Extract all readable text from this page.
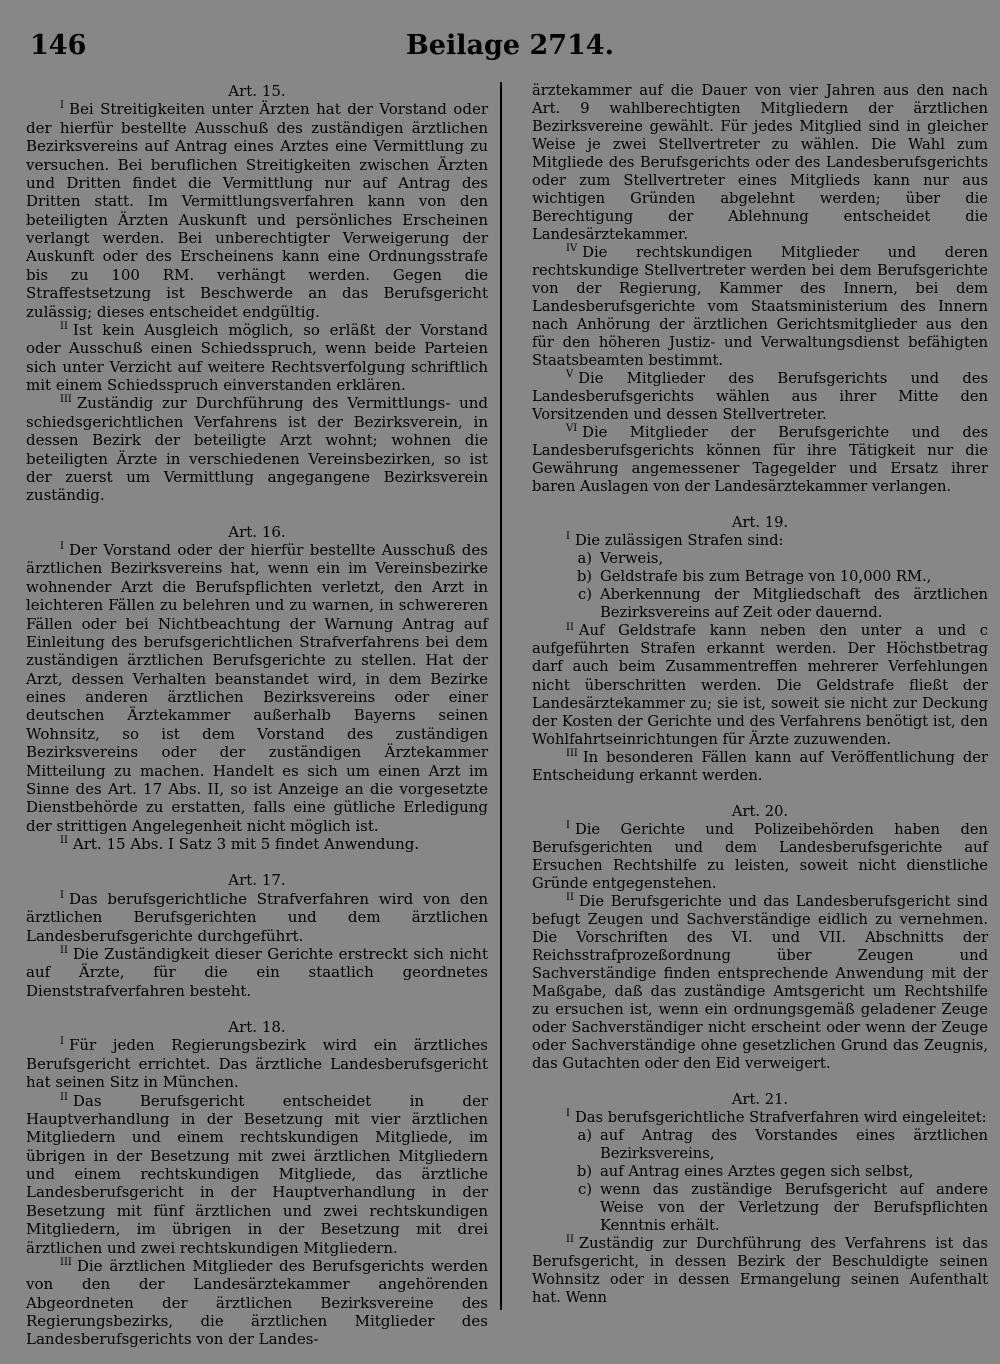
146	Beilage 2714.
Art. 15.

$^I$ Bei Streitigkeiten unter Ärzten hat der Vorstand oder der hierfür bestellte Ausschuß des zuständigen ärztlichen Bezirksvereins auf Antrag eines Arztes eine Vermittlung zu versuchen. Bei beruflichen Streitigkeiten zwischen Ärzten und Dritten findet die Vermittlung nur auf Antrag des Dritten statt. Im Vermittlungsverfahren kann von den beteiligten Ärzten Auskunft und persönliches Erscheinen verlangt werden. Bei unberechtigter Verweigerung der Auskunft oder des Erscheinens kann eine Ordnungsstrafe bis zu 100 RM. verhängt werden. Gegen die Straffestsetzung ist Beschwerde an das Berufsgericht zulässig; dieses entscheidet endgültig.

$^{II}$ Ist kein Ausgleich möglich, so erläßt der Vorstand oder Ausschuß einen Schiedsspruch, wenn beide Parteien sich unter Verzicht auf weitere Rechtsverfolgung schriftlich mit einem Schiedsspruch einverstanden erklären.

$^{III}$ Zuständig zur Durchführung des Vermittlungs- und schiedsgerichtlichen Verfahrens ist der Bezirksverein, in dessen Bezirk der beteiligte Arzt wohnt; wohnen die beteiligten Ärzte in verschiedenen Vereinsbezirken, so ist der zuerst um Vermittlung angegangene Bezirksverein zuständig.

Art. 16.

$^I$ Der Vorstand oder der hierfür bestellte Ausschuß des ärztlichen Bezirksvereins hat, wenn ein im Vereinsbezirke wohnender Arzt die Berufspflichten verletzt, den Arzt in leichteren Fällen zu belehren und zu warnen, in schwereren Fällen oder bei Nichtbeachtung der Warnung Antrag auf Einleitung des berufsgerichtlichen Strafverfahrens bei dem zuständigen ärztlichen Berufsgerichte zu stellen. Hat der Arzt, dessen Verhalten beanstandet wird, in dem Bezirke eines anderen ärztlichen Bezirksvereins oder einer deutschen Ärztekammer außerhalb Bayerns seinen Wohnsitz, so ist dem Vorstand des zuständigen Bezirksvereins oder der zuständigen Ärztekammer Mitteilung zu machen. Handelt es sich um einen Arzt im Sinne des Art. 17 Abs. II, so ist Anzeige an die vorgesetzte Dienstbehörde zu erstatten, falls eine gütliche Erledigung der strittigen Angelegenheit nicht möglich ist.

$^{II}$ Art. 15 Abs. I Satz 3 mit 5 findet Anwendung.

Art. 17.

$^I$ Das berufsgerichtliche Strafverfahren wird von den ärztlichen Berufsgerichten und dem ärztlichen Landesberufsgerichte durchgeführt.

$^{II}$ Die Zuständigkeit dieser Gerichte erstreckt sich nicht auf Ärzte, für die ein staatlich geordnetes Dienststrafverfahren besteht.

Art. 18.

$^I$ Für jeden Regierungsbezirk wird ein ärztliches Berufsgericht errichtet. Das ärztliche Landesberufsgericht hat seinen Sitz in München.

$^{II}$ Das Berufsgericht entscheidet in der Hauptverhandlung in der Besetzung mit vier ärztlichen Mitgliedern und einem rechtskundigen Mitgliede, im übrigen in der Besetzung mit zwei ärztlichen Mitgliedern und einem rechtskundigen Mitgliede, das ärztliche Landesberufsgericht in der Hauptverhandlung in der Besetzung mit fünf ärztlichen und zwei rechtskundigen Mitgliedern, im übrigen in der Besetzung mit drei ärztlichen und zwei rechtskundigen Mitgliedern.

$^{III}$ Die ärztlichen Mitglieder des Berufsgerichts werden von den der Landesärztekammer angehörenden Abgeordneten der ärztlichen Bezirksvereine des Regierungsbezirks, die ärztlichen Mitglieder des Landesberufsgerichts von der Landes-

ärztekammer auf die Dauer von vier Jahren aus den nach Art. 9 wahlberechtigten Mitgliedern der ärztlichen Bezirksvereine gewählt. Für jedes Mitglied sind in gleicher Weise je zwei Stellvertreter zu wählen. Die Wahl zum Mitgliede des Berufsgerichts oder des Landesberufsgerichts oder zum Stellvertreter eines Mitglieds kann nur aus wichtigen Gründen abgelehnt werden; über die Berechtigung der Ablehnung entscheidet die Landesärztekammer.

$^{IV}$ Die rechtskundigen Mitglieder und deren rechtskundige Stellvertreter werden bei dem Berufsgerichte von der Regierung, Kammer des Innern, bei dem Landesberufsgerichte vom Staatsministerium des Innern nach Anhörung der ärztlichen Gerichtsmitglieder aus den für den höheren Justiz- und Verwaltungsdienst befähigten Staatsbeamten bestimmt.

$^V$ Die Mitglieder des Berufsgerichts und des Landesberufsgerichts wählen aus ihrer Mitte den Vorsitzenden und dessen Stellvertreter.

$^{VI}$ Die Mitglieder der Berufsgerichte und des Landesberufsgerichts können für ihre Tätigkeit nur die Gewährung angemessener Tagegelder und Ersatz ihrer baren Auslagen von der Landesärztekammer verlangen.

Art. 19.

$^I$ Die zulässigen Strafen sind:

a) Verweis,
b) Geldstrafe bis zum Betrage von 10,000 RM.,
c) Aberkennung der Mitgliedschaft des ärztlichen Bezirksvereins auf Zeit oder dauernd.

$^{II}$ Auf Geldstrafe kann neben den unter a und c aufgeführten Strafen erkannt werden. Der Höchstbetrag darf auch beim Zusammentreffen mehrerer Verfehlungen nicht überschritten werden. Die Geldstrafe fließt der Landesärztekammer zu; sie ist, soweit sie nicht zur Deckung der Kosten der Gerichte und des Verfahrens benötigt ist, den Wohlfahrtseinrichtungen für Ärzte zuzuwenden.

$^{III}$ In besonderen Fällen kann auf Veröffentlichung der Entscheidung erkannt werden.

Art. 20.

$^I$ Die Gerichte und Polizeibehörden haben den Berufsgerichten und dem Landesberufsgerichte auf Ersuchen Rechtshilfe zu leisten, soweit nicht dienstliche Gründe entgegenstehen.

$^{II}$ Die Berufsgerichte und das Landesberufsgericht sind befugt Zeugen und Sachverständige eidlich zu vernehmen. Die Vorschriften des VI. und VII. Abschnitts der Reichsstrafprozeßordnung über Zeugen und Sachverständige finden entsprechende Anwendung mit der Maßgabe, daß das zuständige Amtsgericht um Rechtshilfe zu ersuchen ist, wenn ein ordnungsgemäß geladener Zeuge oder Sachverständiger nicht erscheint oder wenn der Zeuge oder Sachverständige ohne gesetzlichen Grund das Zeugnis, das Gutachten oder den Eid verweigert.

Art. 21.

$^I$ Das berufsgerichtliche Strafverfahren wird eingeleitet:

a) auf Antrag des Vorstandes eines ärztlichen Bezirksvereins,
b) auf Antrag eines Arztes gegen sich selbst,
c) wenn das zuständige Berufsgericht auf andere Weise von der Verletzung der Berufspflichten Kenntnis erhält.

$^{II}$ Zuständig zur Durchführung des Verfahrens ist das Berufsgericht, in dessen Bezirk der Beschuldigte seinen Wohnsitz oder in dessen Ermangelung seinen Aufenthalt hat. Wenn
